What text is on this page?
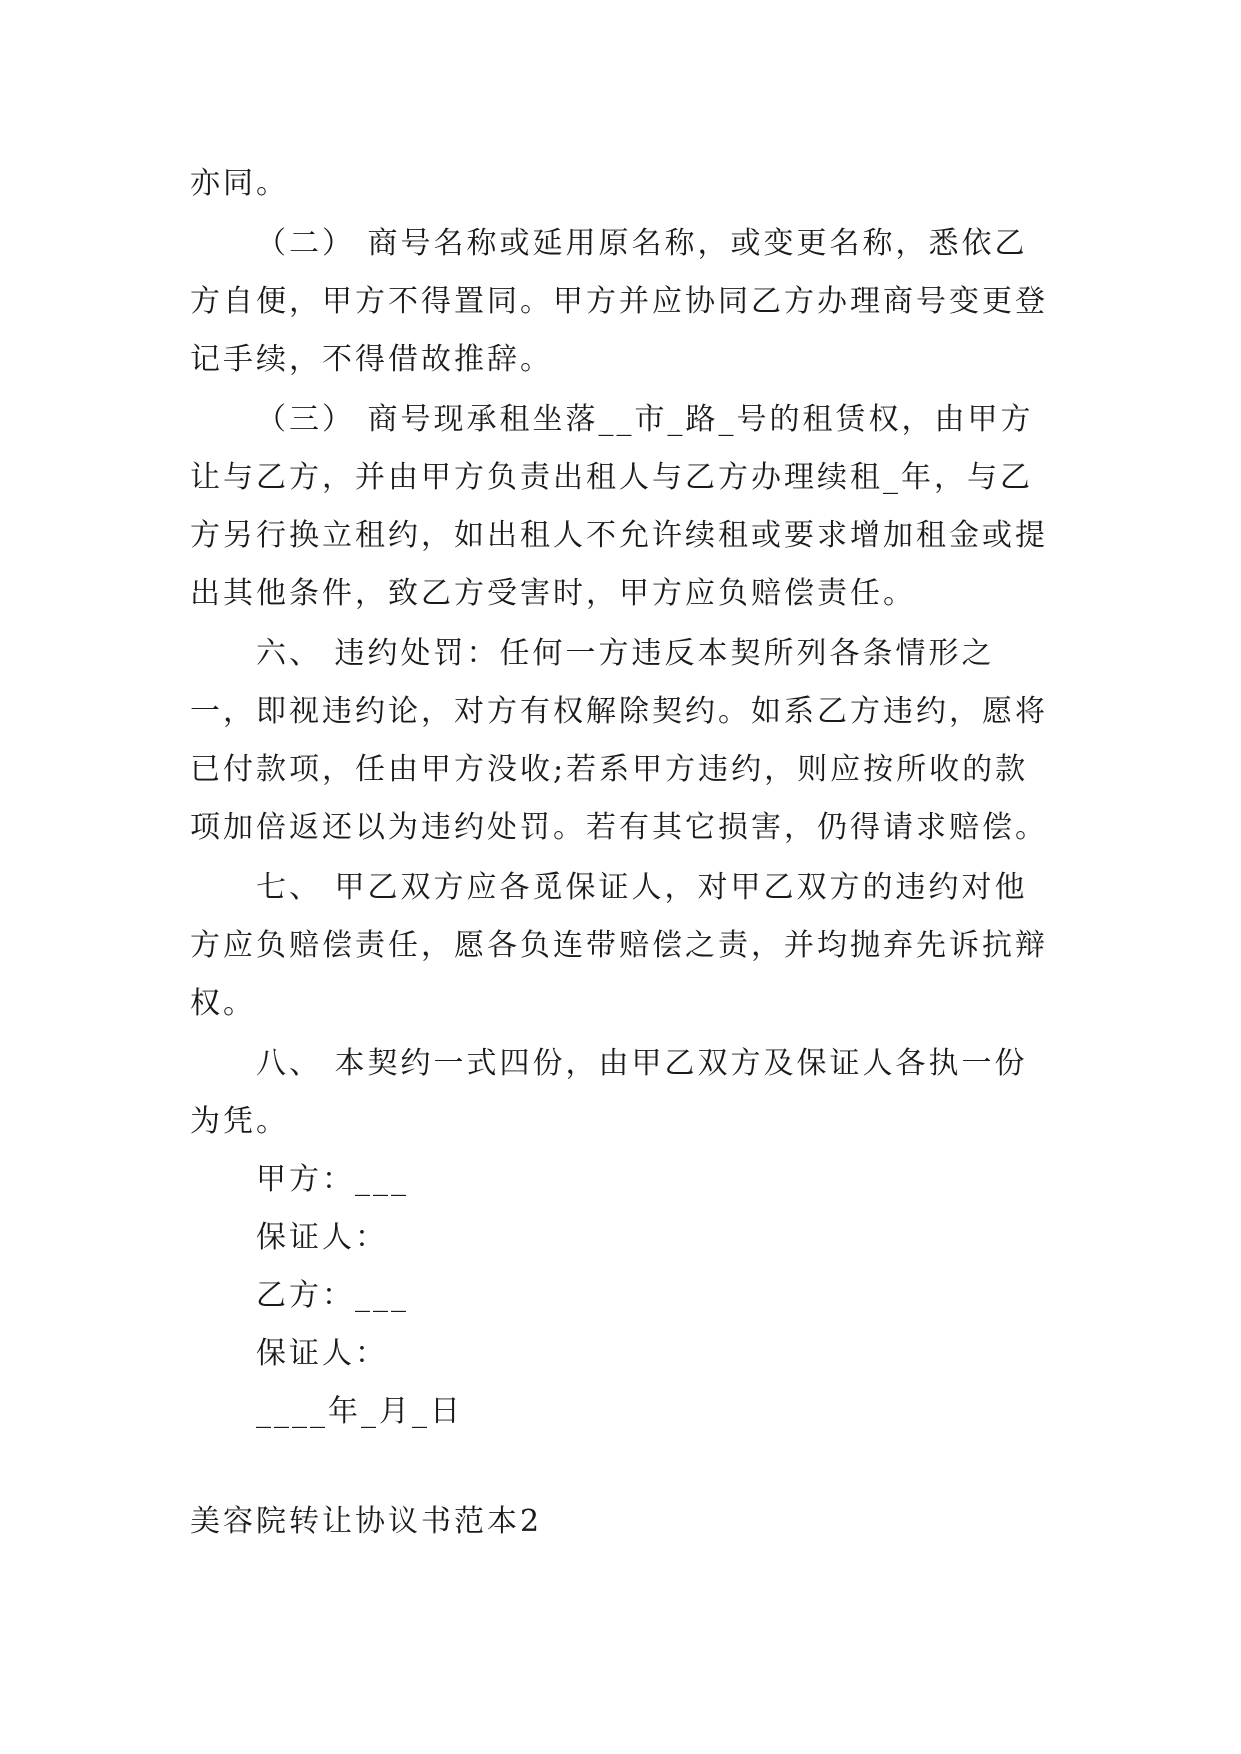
亦同。

（二） 商号名称或延用原名称，或变更名称，悉依乙方自便，甲方不得置同。甲方并应协同乙方办理商号变更登记手续，不得借故推辞。

（三） 商号现承租坐落__市_路_号的租赁权，由甲方让与乙方，并由甲方负责出租人与乙方办理续租_年，与乙方另行换立租约，如出租人不允许续租或要求增加租金或提出其他条件，致乙方受害时，甲方应负赔偿责任。

六、 违约处罚：任何一方违反本契所列各条情形之一，即视违约论，对方有权解除契约。如系乙方违约，愿将已付款项，任由甲方没收;若系甲方违约，则应按所收的款项加倍返还以为违约处罚。若有其它损害，仍得请求赔偿。

七、 甲乙双方应各觅保证人，对甲乙双方的违约对他方应负赔偿责任，愿各负连带赔偿之责，并均抛弃先诉抗辩权。

八、 本契约一式四份，由甲乙双方及保证人各执一份为凭。

甲方：___

保证人：

乙方：___

保证人：

____年_月_日

美容院转让协议书范本2
